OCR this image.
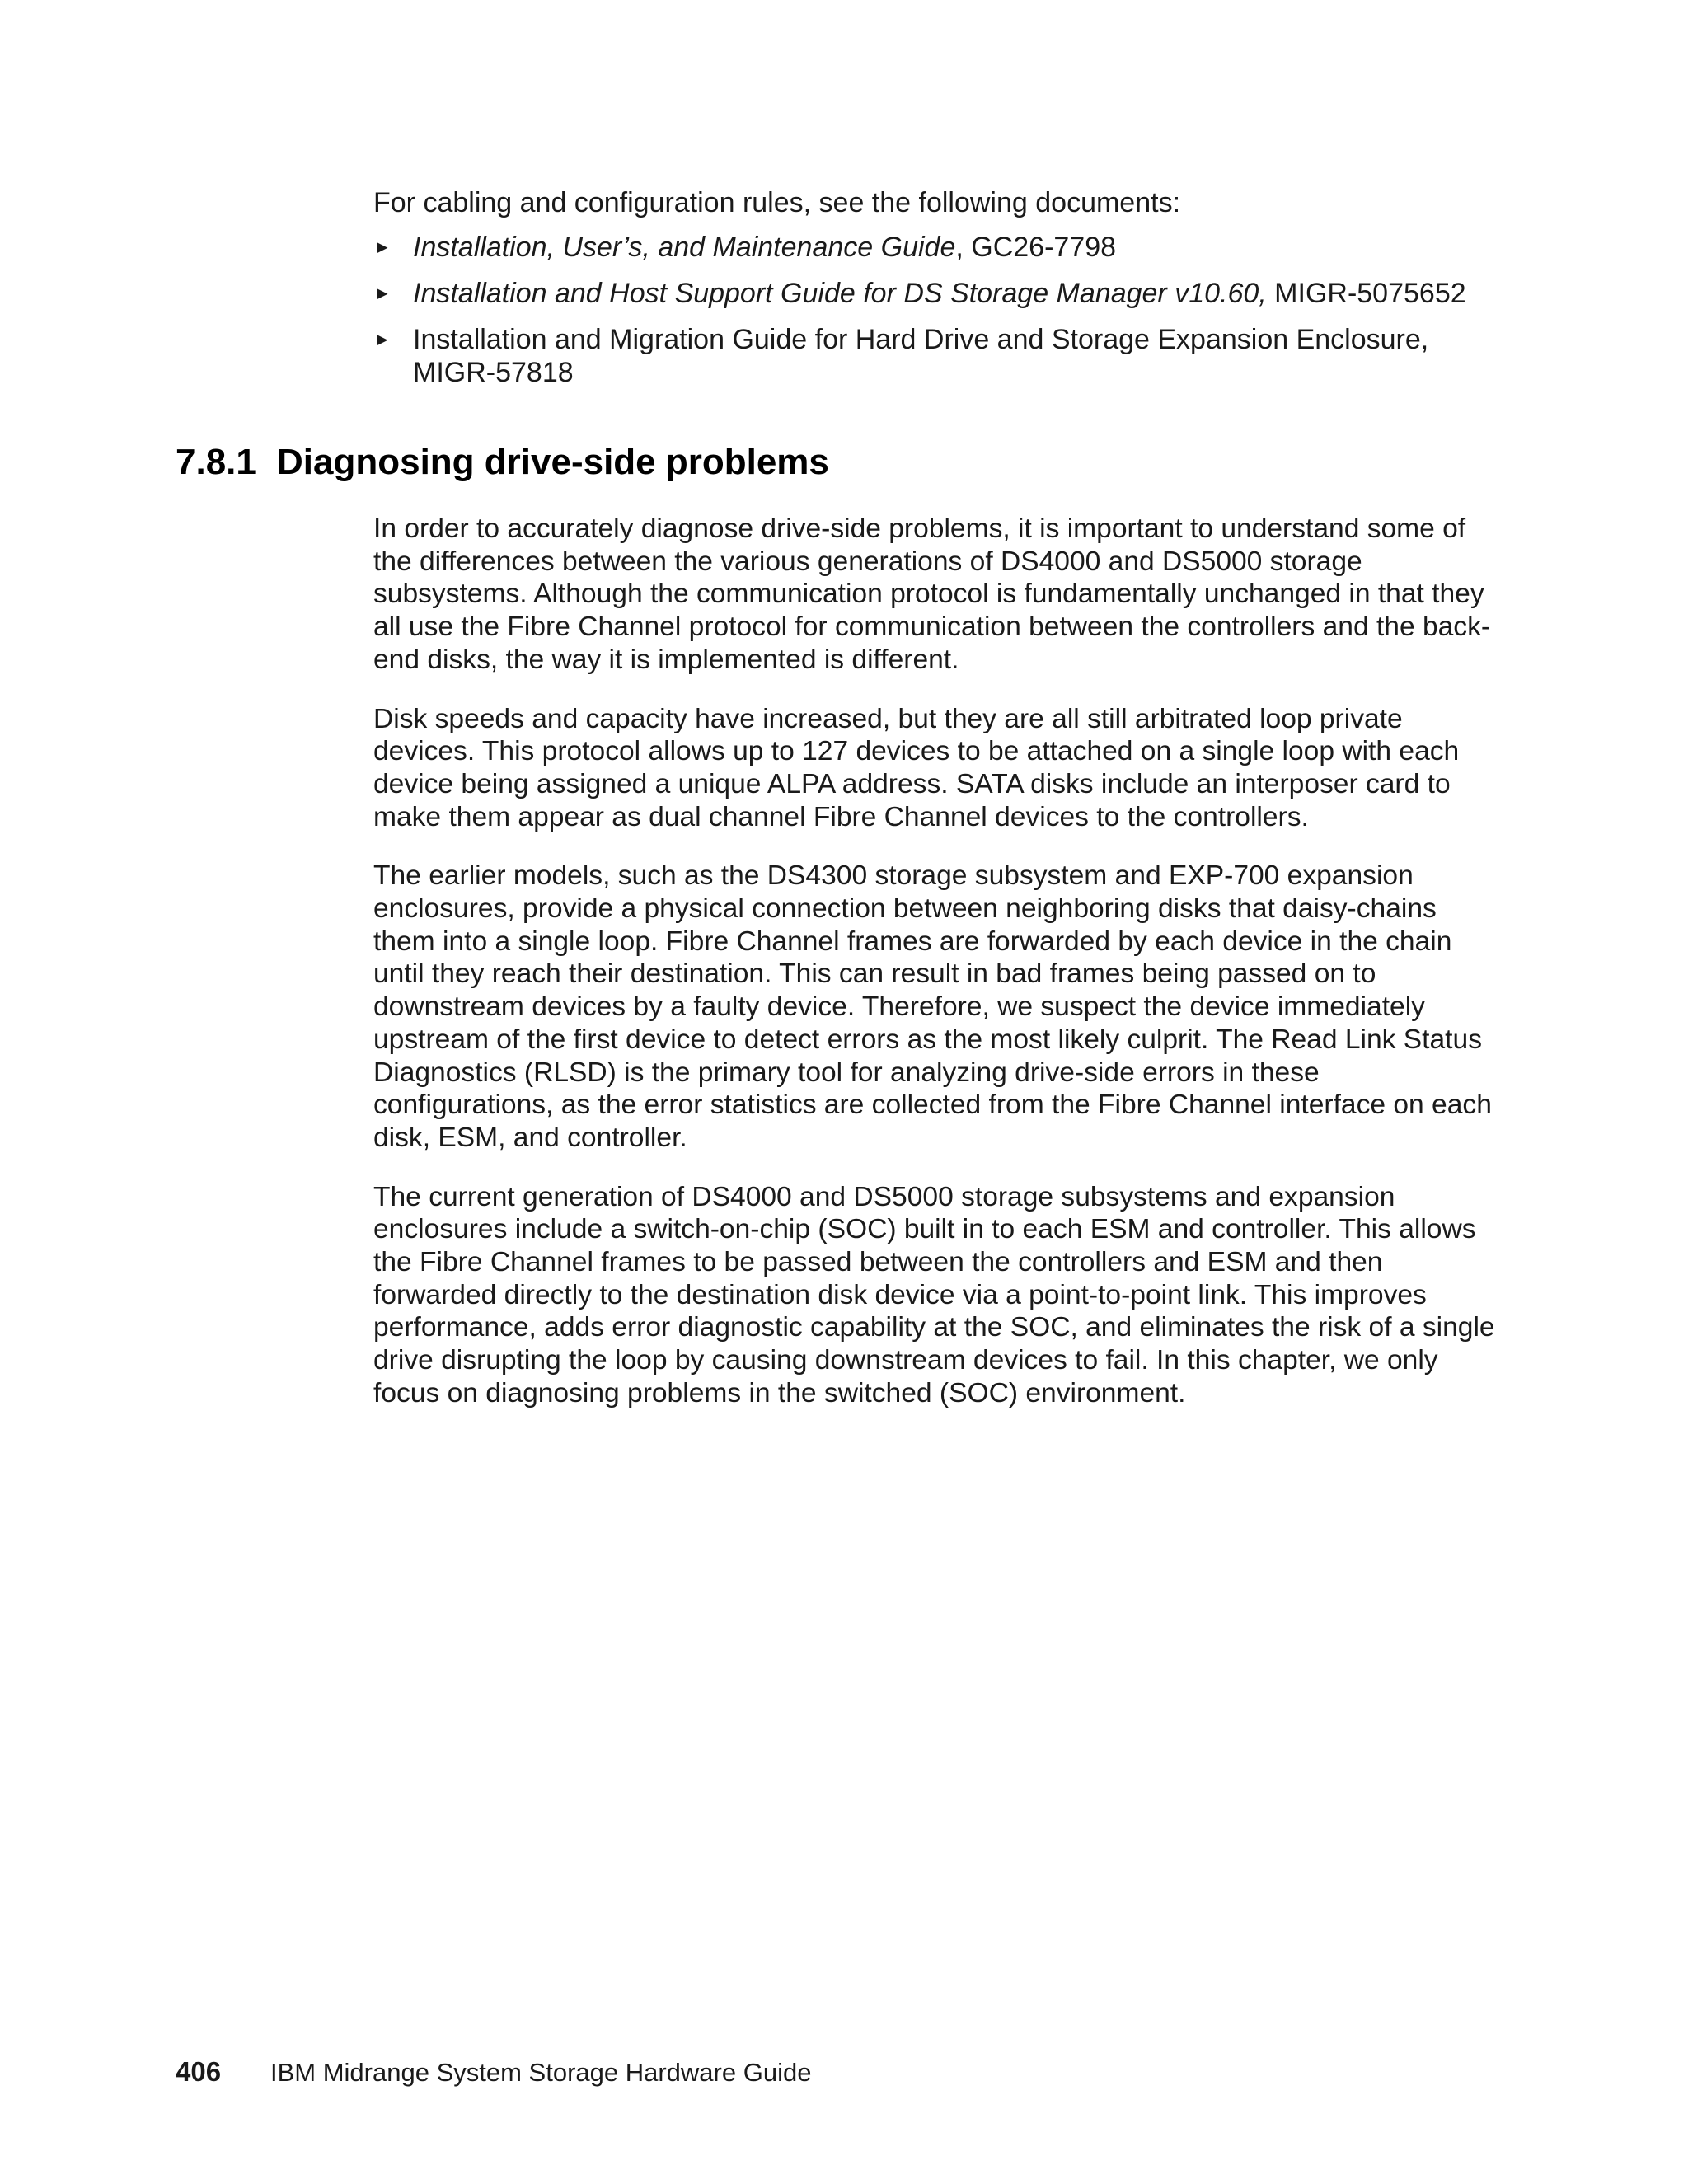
For cabling and configuration rules, see the following documents:

► Installation, User’s, and Maintenance Guide, GC26-7798
► Installation and Host Support Guide for DS Storage Manager v10.60, MIGR-5075652
► Installation and Migration Guide for Hard Drive and Storage Expansion Enclosure, MIGR-57818
7.8.1 Diagnosing drive-side problems

In order to accurately diagnose drive-side problems, it is important to understand some of the differences between the various generations of DS4000 and DS5000 storage subsystems. Although the communication protocol is fundamentally unchanged in that they all use the Fibre Channel protocol for communication between the controllers and the back-end disks, the way it is implemented is different.

Disk speeds and capacity have increased, but they are all still arbitrated loop private devices. This protocol allows up to 127 devices to be attached on a single loop with each device being assigned a unique ALPA address. SATA disks include an interposer card to make them appear as dual channel Fibre Channel devices to the controllers.

The earlier models, such as the DS4300 storage subsystem and EXP-700 expansion enclosures, provide a physical connection between neighboring disks that daisy-chains them into a single loop. Fibre Channel frames are forwarded by each device in the chain until they reach their destination. This can result in bad frames being passed on to downstream devices by a faulty device. Therefore, we suspect the device immediately upstream of the first device to detect errors as the most likely culprit. The Read Link Status Diagnostics (RLSD) is the primary tool for analyzing drive-side errors in these configurations, as the error statistics are collected from the Fibre Channel interface on each disk, ESM, and controller.

The current generation of DS4000 and DS5000 storage subsystems and expansion enclosures include a switch-on-chip (SOC) built in to each ESM and controller. This allows the Fibre Channel frames to be passed between the controllers and ESM and then forwarded directly to the destination disk device via a point-to-point link. This improves performance, adds error diagnostic capability at the SOC, and eliminates the risk of a single drive disrupting the loop by causing downstream devices to fail. In this chapter, we only focus on diagnosing problems in the switched (SOC) environment.

406 IBM Midrange System Storage Hardware Guide
